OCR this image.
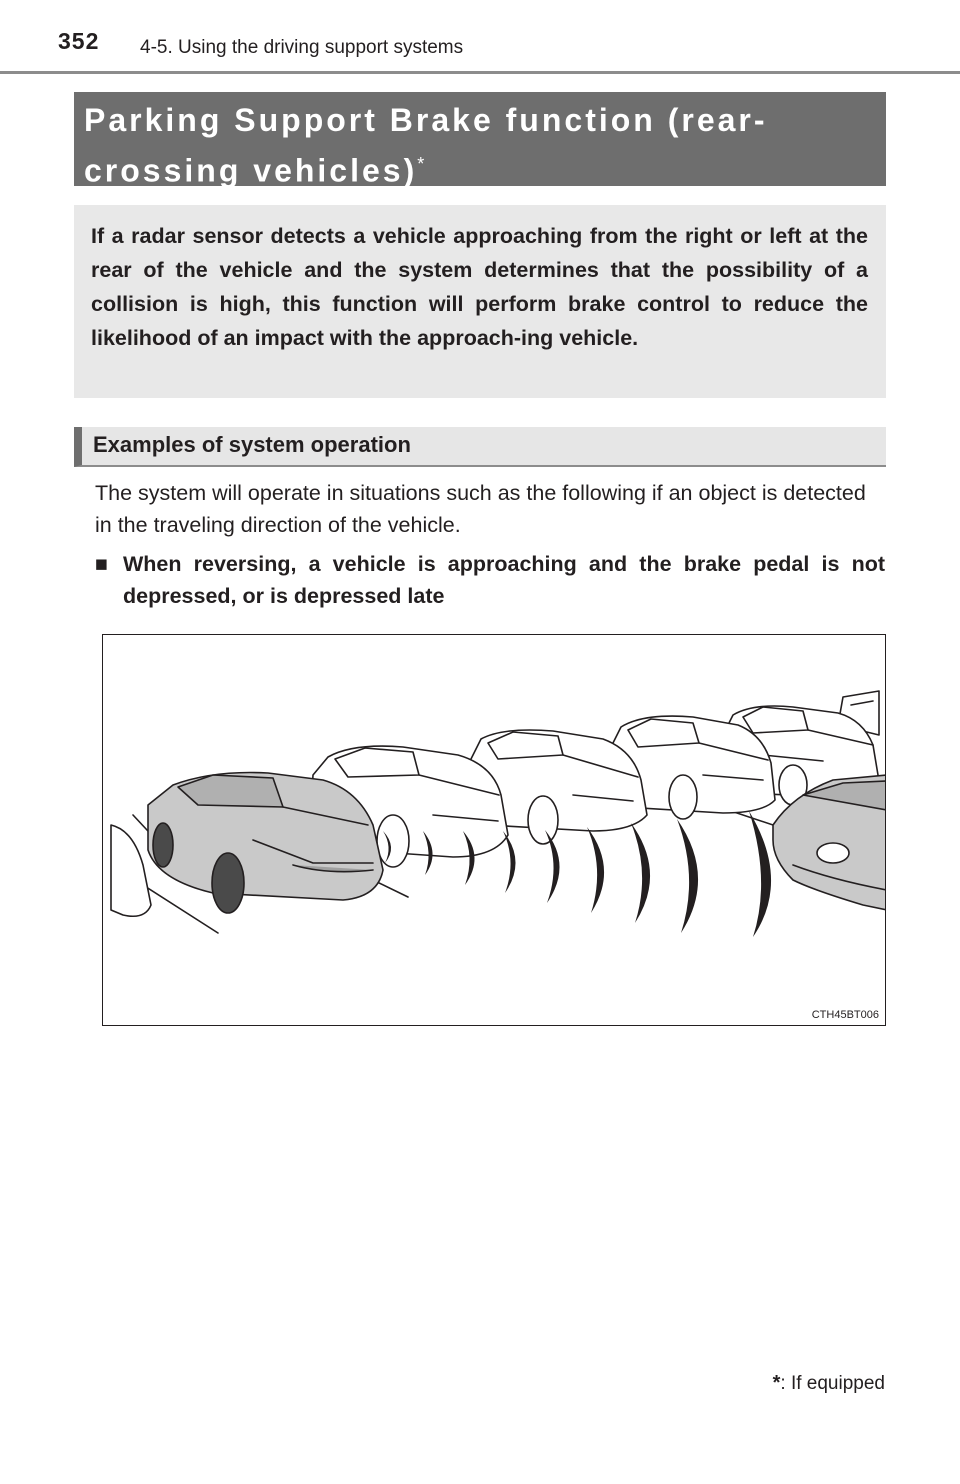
352 4-5. Using the driving support systems
Parking Support Brake function (rear-
crossing vehicles)*
If a radar sensor detects a vehicle approaching from the right or left at the rear of the vehicle and the system determines that the possibility of a collision is high, this function will perform brake control to reduce the likelihood of an impact with the approach-ing vehicle.
Examples of system operation
The system will operate in situations such as the following if an object is detected in the traveling direction of the vehicle.
■ When reversing, a vehicle is approaching and the brake pedal is not depressed, or is depressed late
CTH45BT006
*: If equipped
